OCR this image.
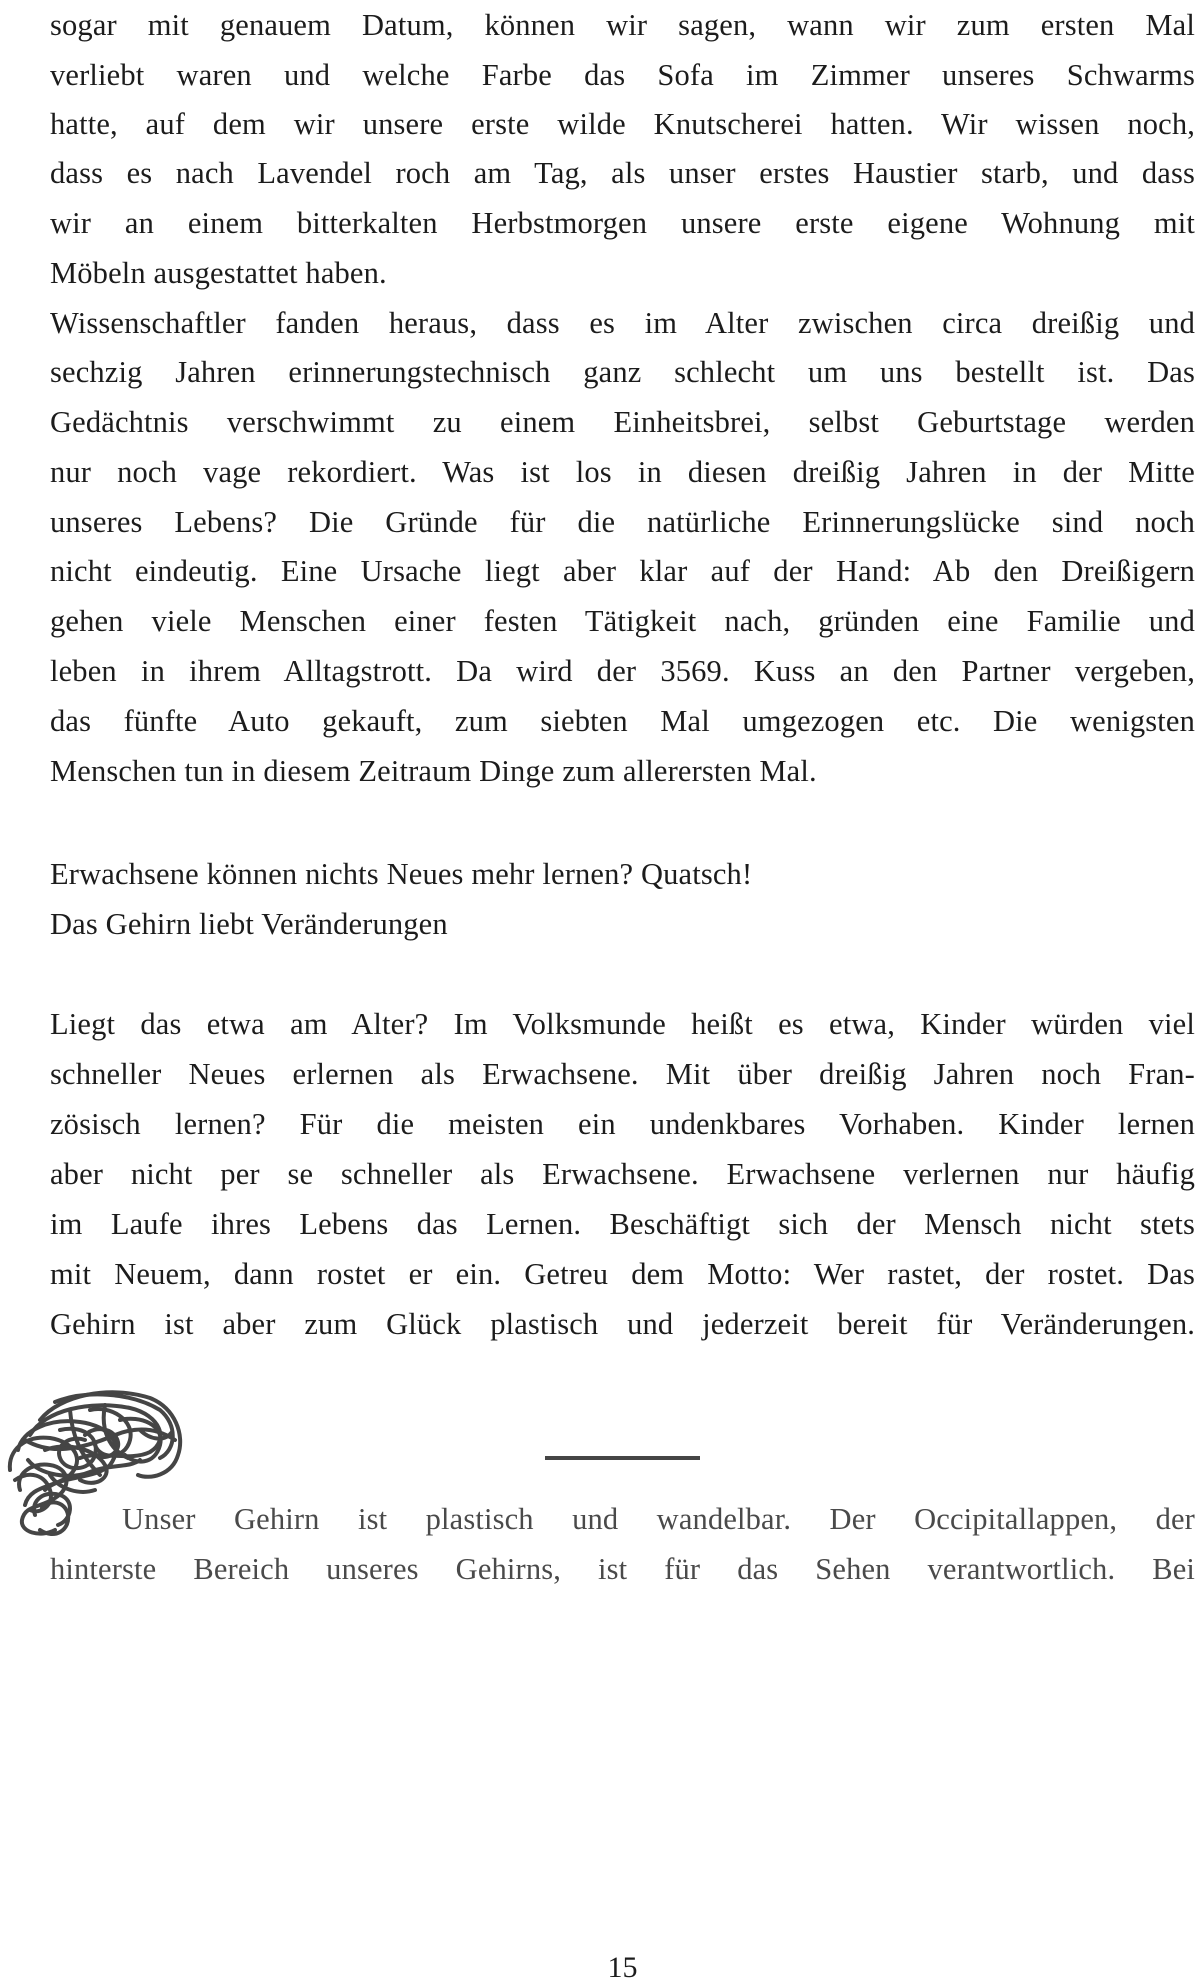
sogar mit genauem Datum, können wir sagen, wann wir zum ersten Mal
verliebt waren und welche Farbe das Sofa im Zimmer unseres Schwarms
hatte, auf dem wir unsere erste wilde Knutscherei hatten. Wir wissen noch,
dass es nach Lavendel roch am Tag, als unser erstes Haustier starb, und dass
wir an einem bitterkalten Herbstmorgen unsere erste eigene Wohnung mit
Möbeln ausgestattet haben.
Wissenschaftler fanden heraus, dass es im Alter zwischen circa dreißig und
sechzig Jahren erinnerungstechnisch ganz schlecht um uns bestellt ist. Das
Gedächtnis verschwimmt zu einem Einheitsbrei, selbst Geburtstage werden
nur noch vage rekordiert. Was ist los in diesen dreißig Jahren in der Mitte
unseres Lebens? Die Gründe für die natürliche Erinnerungslücke sind noch
nicht eindeutig. Eine Ursache liegt aber klar auf der Hand: Ab den Dreißigern
gehen viele Menschen einer festen Tätigkeit nach, gründen eine Familie und
leben in ihrem Alltagstrott. Da wird der 3569. Kuss an den Partner vergeben,
das fünfte Auto gekauft, zum siebten Mal umgezogen etc. Die wenigsten
Menschen tun in diesem Zeitraum Dinge zum allerersten Mal.
Erwachsene können nichts Neues mehr lernen? Quatsch!
Das Gehirn liebt Veränderungen
Liegt das etwa am Alter? Im Volksmunde heißt es etwa, Kinder würden viel
schneller Neues erlernen als Erwachsene. Mit über dreißig Jahren noch Fran-
zösisch lernen? Für die meisten ein undenkbares Vorhaben. Kinder lernen
aber nicht per se schneller als Erwachsene. Erwachsene verlernen nur häufig
im Laufe ihres Lebens das Lernen. Beschäftigt sich der Mensch nicht stets
mit Neuem, dann rostet er ein. Getreu dem Motto: Wer rastet, der rostet. Das
Gehirn ist aber zum Glück plastisch und jederzeit bereit für Veränderungen.
Unser Gehirn ist plastisch und wandelbar. Der Occipitallappen, der
hinterste Bereich unseres Gehirns, ist für das Sehen verantwortlich. Bei
15
